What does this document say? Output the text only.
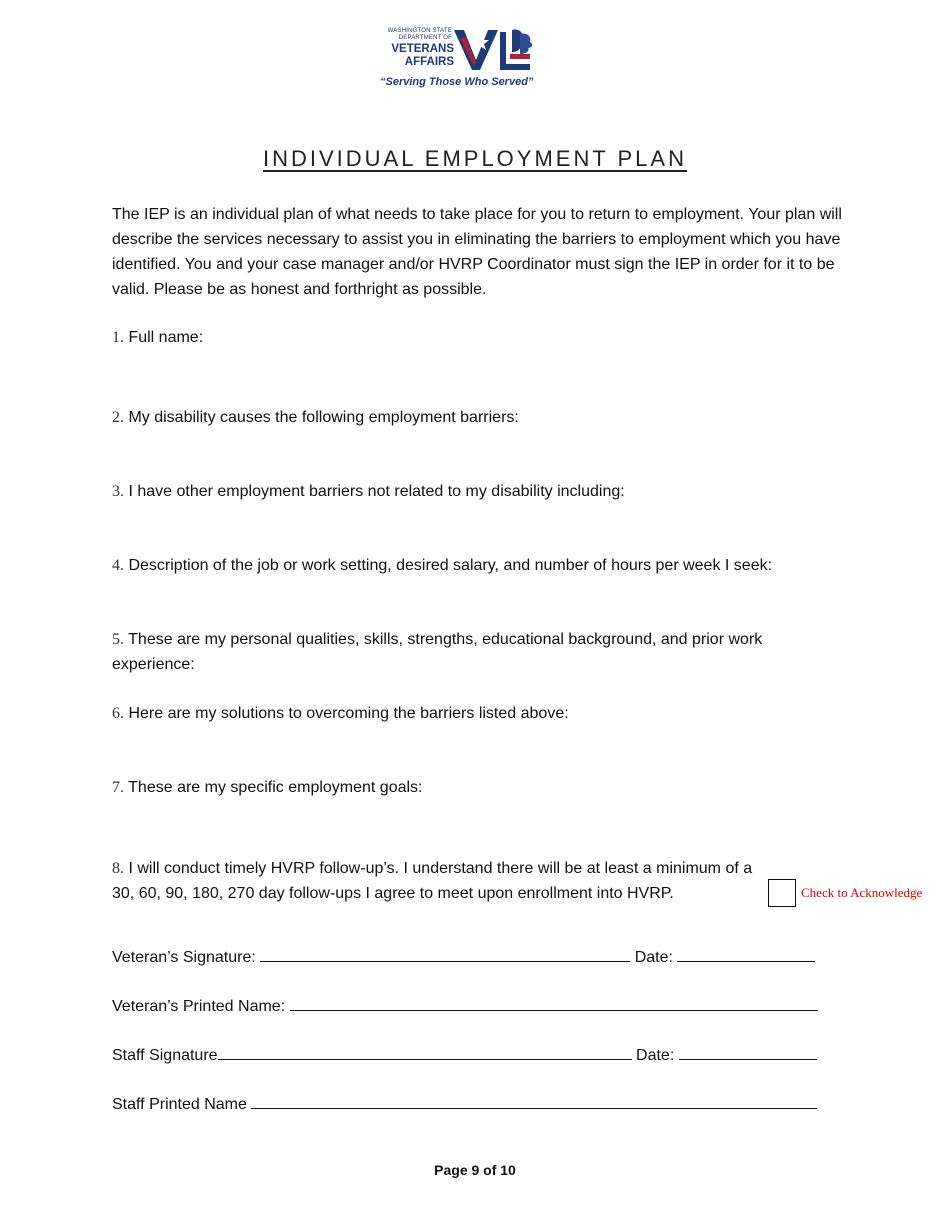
WASHINGTON STATE
DEPARTMENT OF
VETERANS
AFFAIRS
“Serving Those Who Served”
INDIVIDUAL EMPLOYMENT PLAN
The IEP is an individual plan of what needs to take place for you to return to employment. Your plan will describe the services necessary to assist you in eliminating the barriers to employment which you have identified. You and your case manager and/or HVRP Coordinator must sign the IEP in order for it to be valid. Please be as honest and forthright as possible.
1. Full name:
2. My disability causes the following employment barriers:
3. I have other employment barriers not related to my disability including:
4. Description of the job or work setting, desired salary, and number of hours per week I seek:
5. These are my personal qualities, skills, strengths, educational background, and prior work experience:
6. Here are my solutions to overcoming the barriers listed above:
7. These are my specific employment goals:
8. I will conduct timely HVRP follow-up’s. I understand there will be at least a minimum of a 30, 60, 90, 180, 270 day follow-ups I agree to meet upon enrollment into HVRP.	Check to Acknowledge
Veteran’s Signature:	Date:
Veteran’s Printed Name:
Staff Signature	Date:
Staff Printed Name
Page 9 of 10
